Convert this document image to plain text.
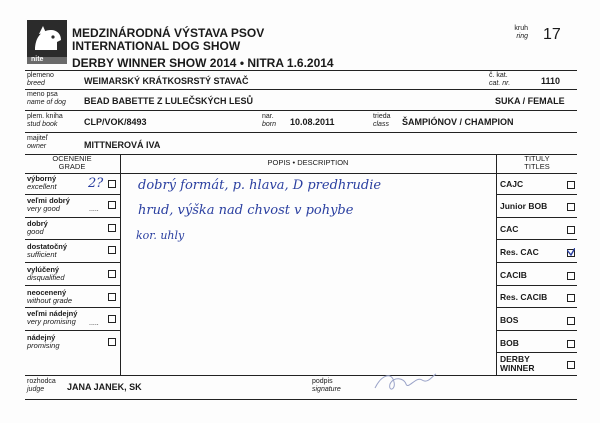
nite
MEDZINÁRODNÁ VÝSTAVA PSOV
INTERNATIONAL DOG SHOW
DERBY WINNER SHOW 2014 • NITRA 1.6.2014
kruh
ring 17
plemeno
breed	WEIMARSKÝ KRÁTKOSRSTÝ STAVAČ
č. kat.
cat. nr.	1110
meno psa
name of dog BEAD BABETTE Z LULEČSKÝCH LESŮ	SUKA / FEMALE
plem. kniha
stud book	CLP/VOK/8493
nar.
born 10.08.2011
trieda
class ŠAMPIÓNOV / CHAMPION
majiteľ
owner	MITTNEROVÁ IVA
OCENENIE
GRADE	POPIS • DESCRIPTION	TITULY
TITLES
výborný
excellent 2?
veľmi dobrý
very good	.....
dobrý
good
dostatočný
sufficient
vylúčený
disqualified
neocenený
without grade
veľmi nádejný
very promising .....
nádejný
promising
CAJC
Junior BOB
CAC
Res. CAC
CACIB
Res. CACIB
BOS
BOB
DERBY WINNER
dobrý formát, p. hlava, D predhrudie
hrud, výška nad chvost v pohybe
kor. uhly
rozhodca
judge	JANA JANEK, SK
podpis
signature
